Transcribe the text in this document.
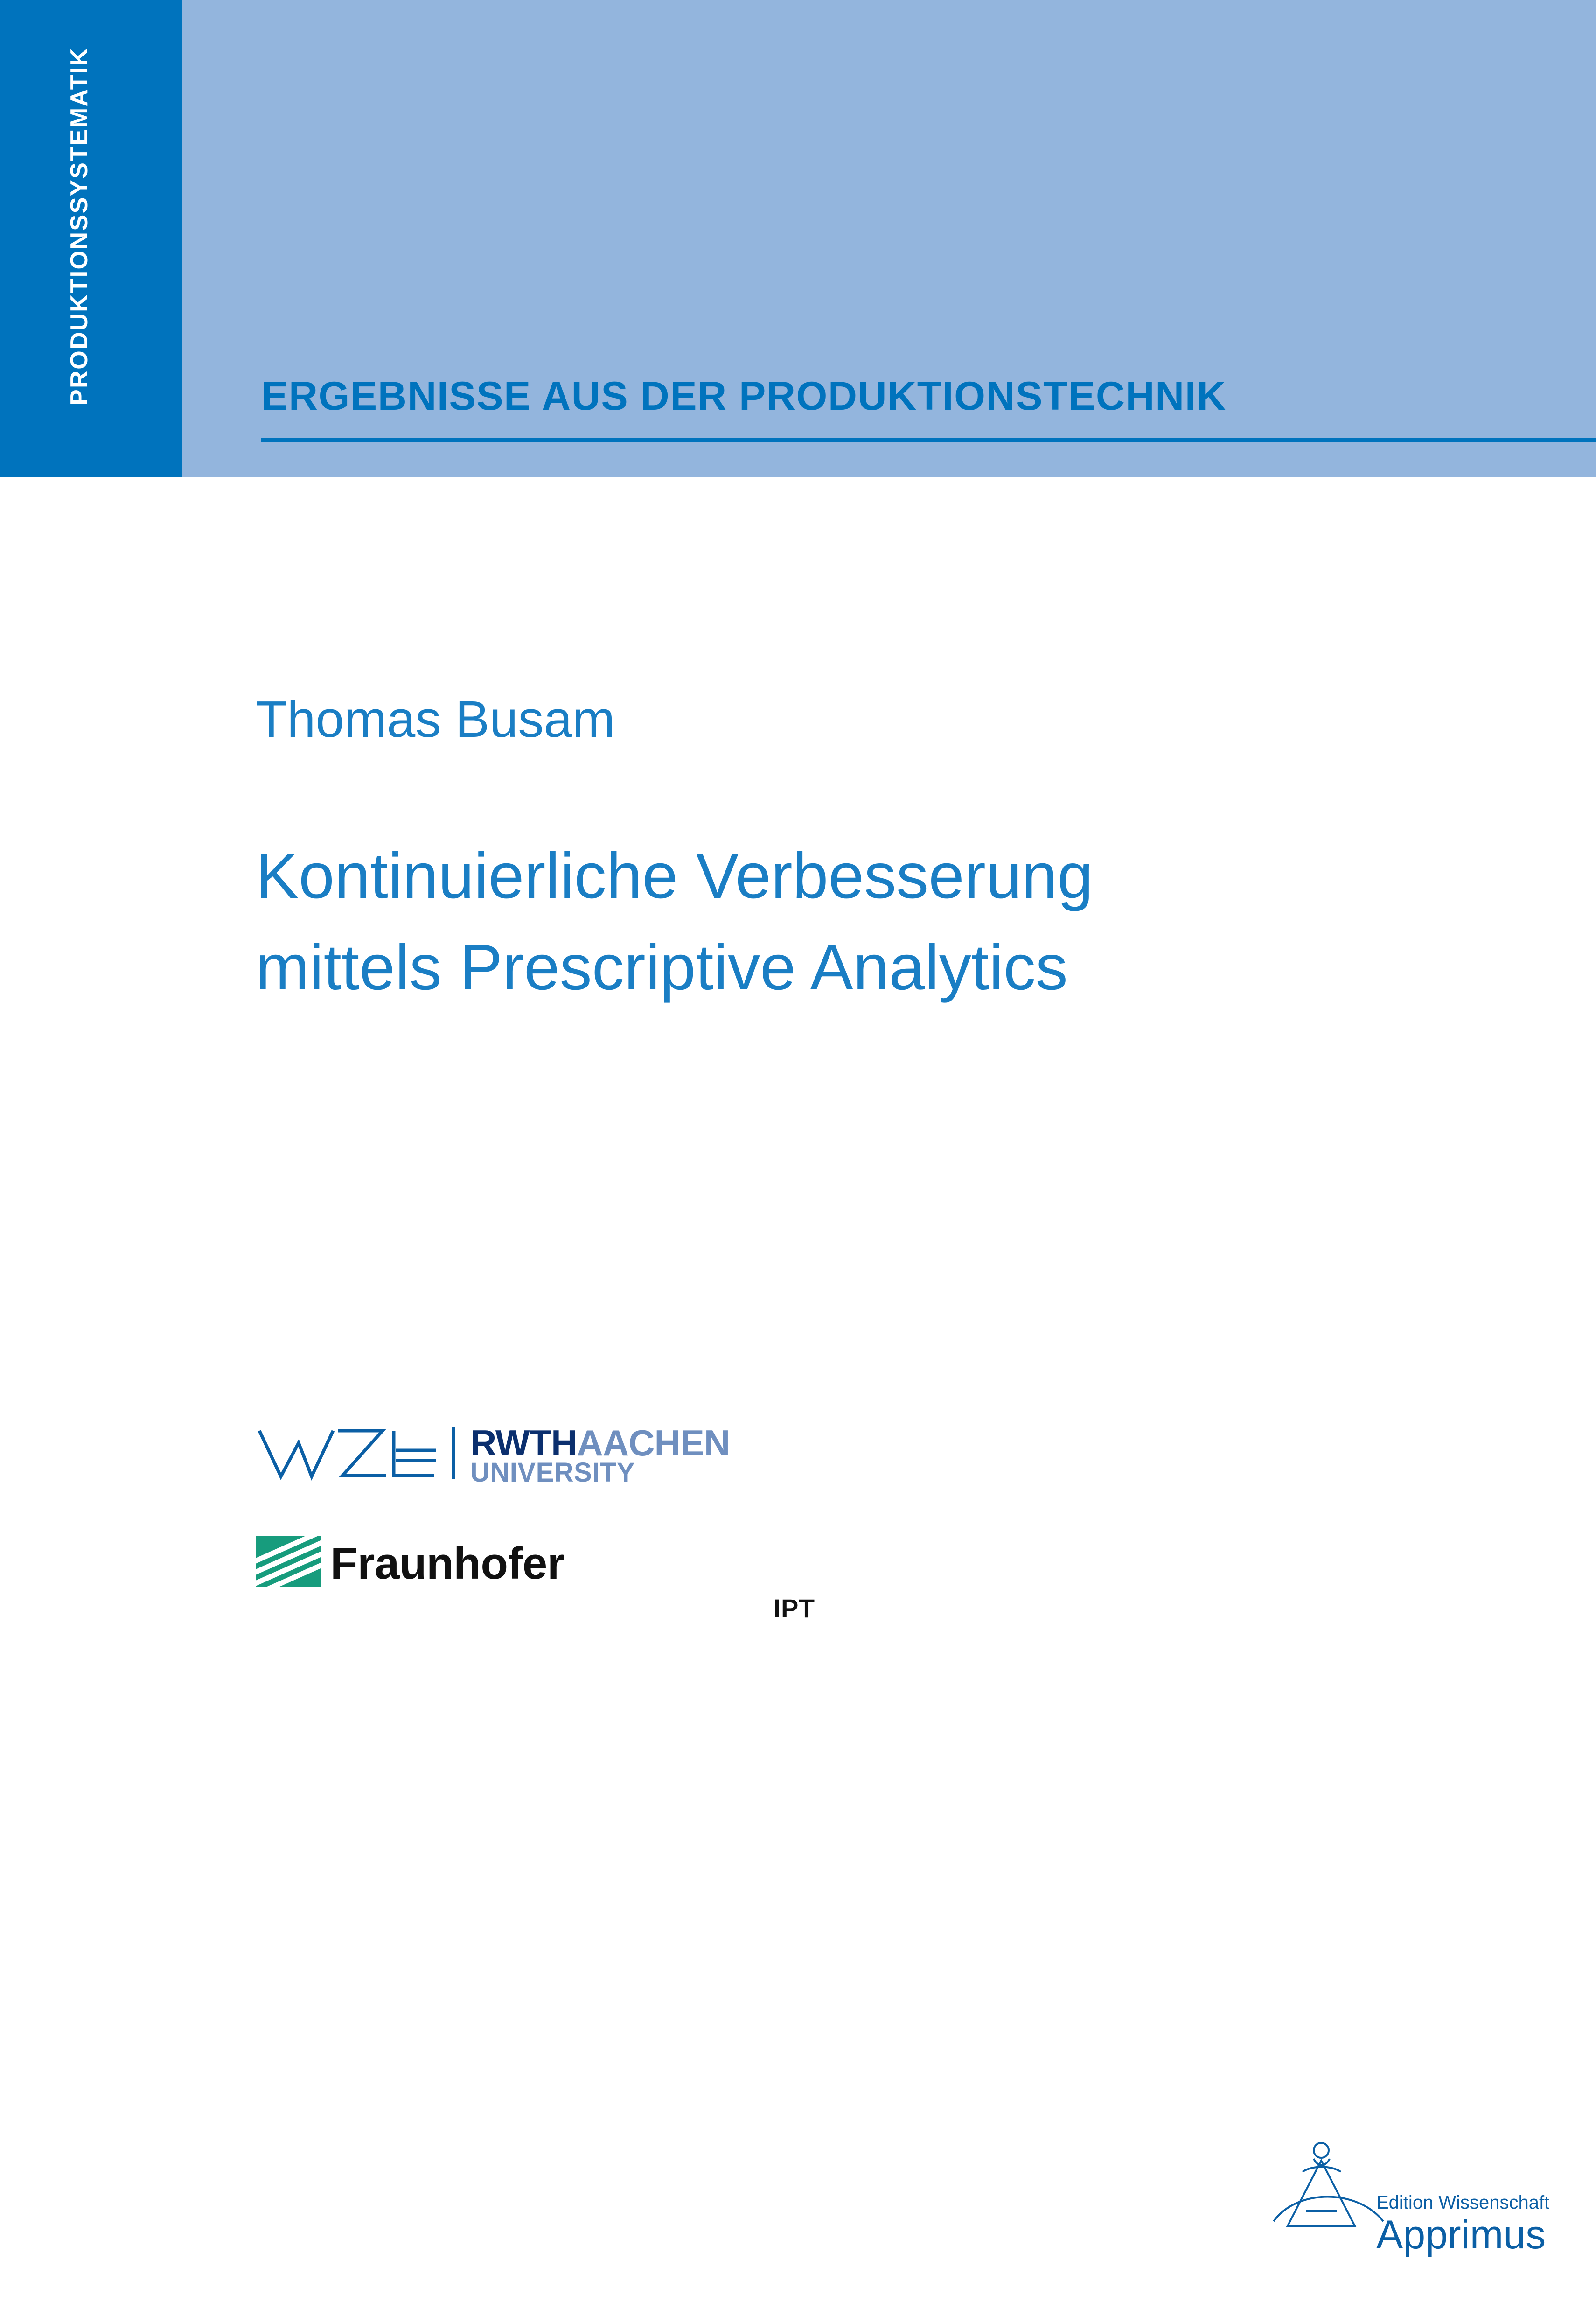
PRODUKTIONSSYSTEMATIK	ERGEBNISSE AUS DER PRODUKTIONSTECHNIK
Thomas Busam
Kontinuierliche Verbesserung
mittels Prescriptive Analytics
RWTHAACHEN
UNIVERSITY
Fraunhofer
IPT
Edition Wissenschaft
Apprimus
